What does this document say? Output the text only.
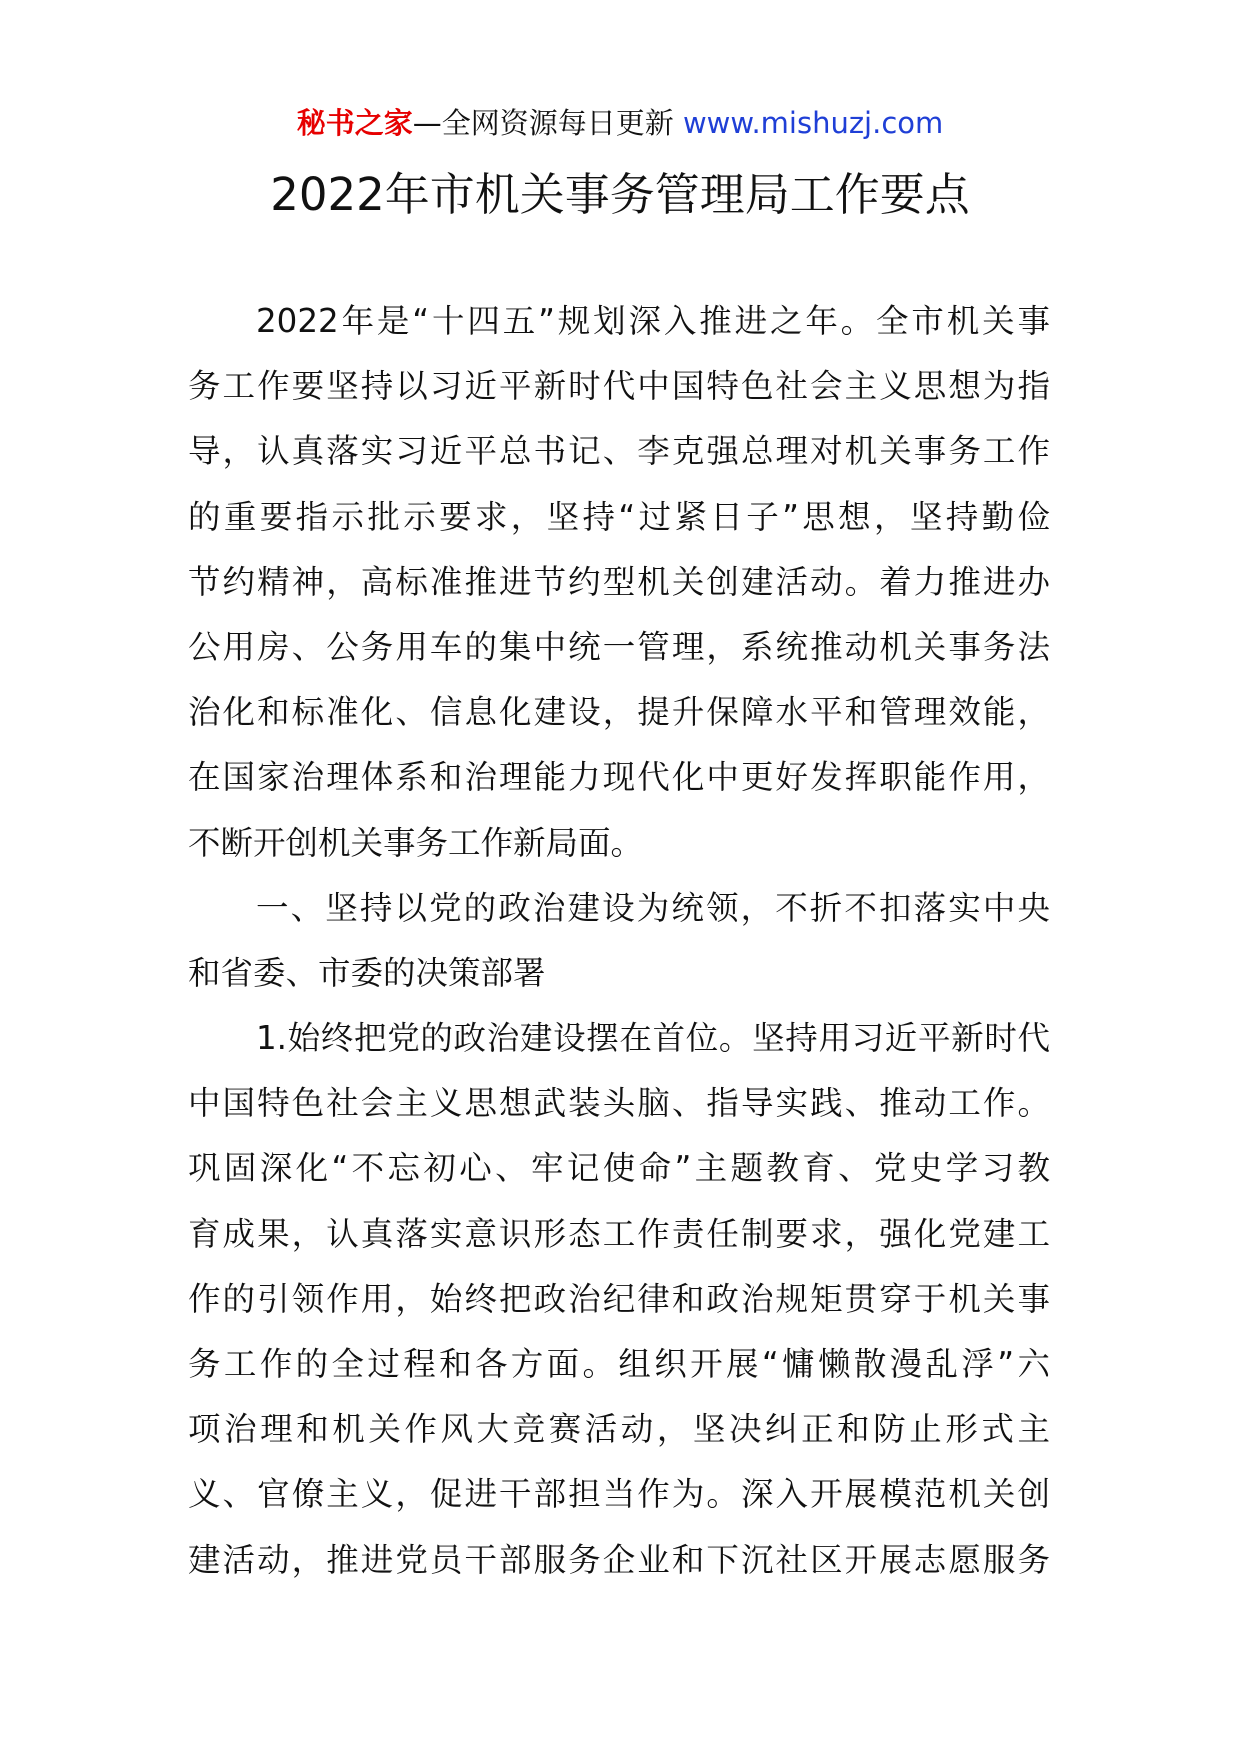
秘书之家—全网资源每日更新 www.mishuzj.com
2022年市机关事务管理局工作要点
2022年是“十四五”规划深入推进之年。全市机关事
务工作要坚持以习近平新时代中国特色社会主义思想为指
导，认真落实习近平总书记、李克强总理对机关事务工作
的重要指示批示要求，坚持“过紧日子”思想，坚持勤俭
节约精神，高标准推进节约型机关创建活动。着力推进办
公用房、公务用车的集中统一管理，系统推动机关事务法
治化和标准化、信息化建设，提升保障水平和管理效能，
在国家治理体系和治理能力现代化中更好发挥职能作用，
不断开创机关事务工作新局面。
一、坚持以党的政治建设为统领，不折不扣落实中央
和省委、市委的决策部署
1.始终把党的政治建设摆在首位。坚持用习近平新时代
中国特色社会主义思想武装头脑、指导实践、推动工作。
巩固深化“不忘初心、牢记使命”主题教育、党史学习教
育成果，认真落实意识形态工作责任制要求，强化党建工
作的引领作用，始终把政治纪律和政治规矩贯穿于机关事
务工作的全过程和各方面。组织开展“慵懒散漫乱浮”六
项治理和机关作风大竞赛活动，坚决纠正和防止形式主
义、官僚主义，促进干部担当作为。深入开展模范机关创
建活动，推进党员干部服务企业和下沉社区开展志愿服务
